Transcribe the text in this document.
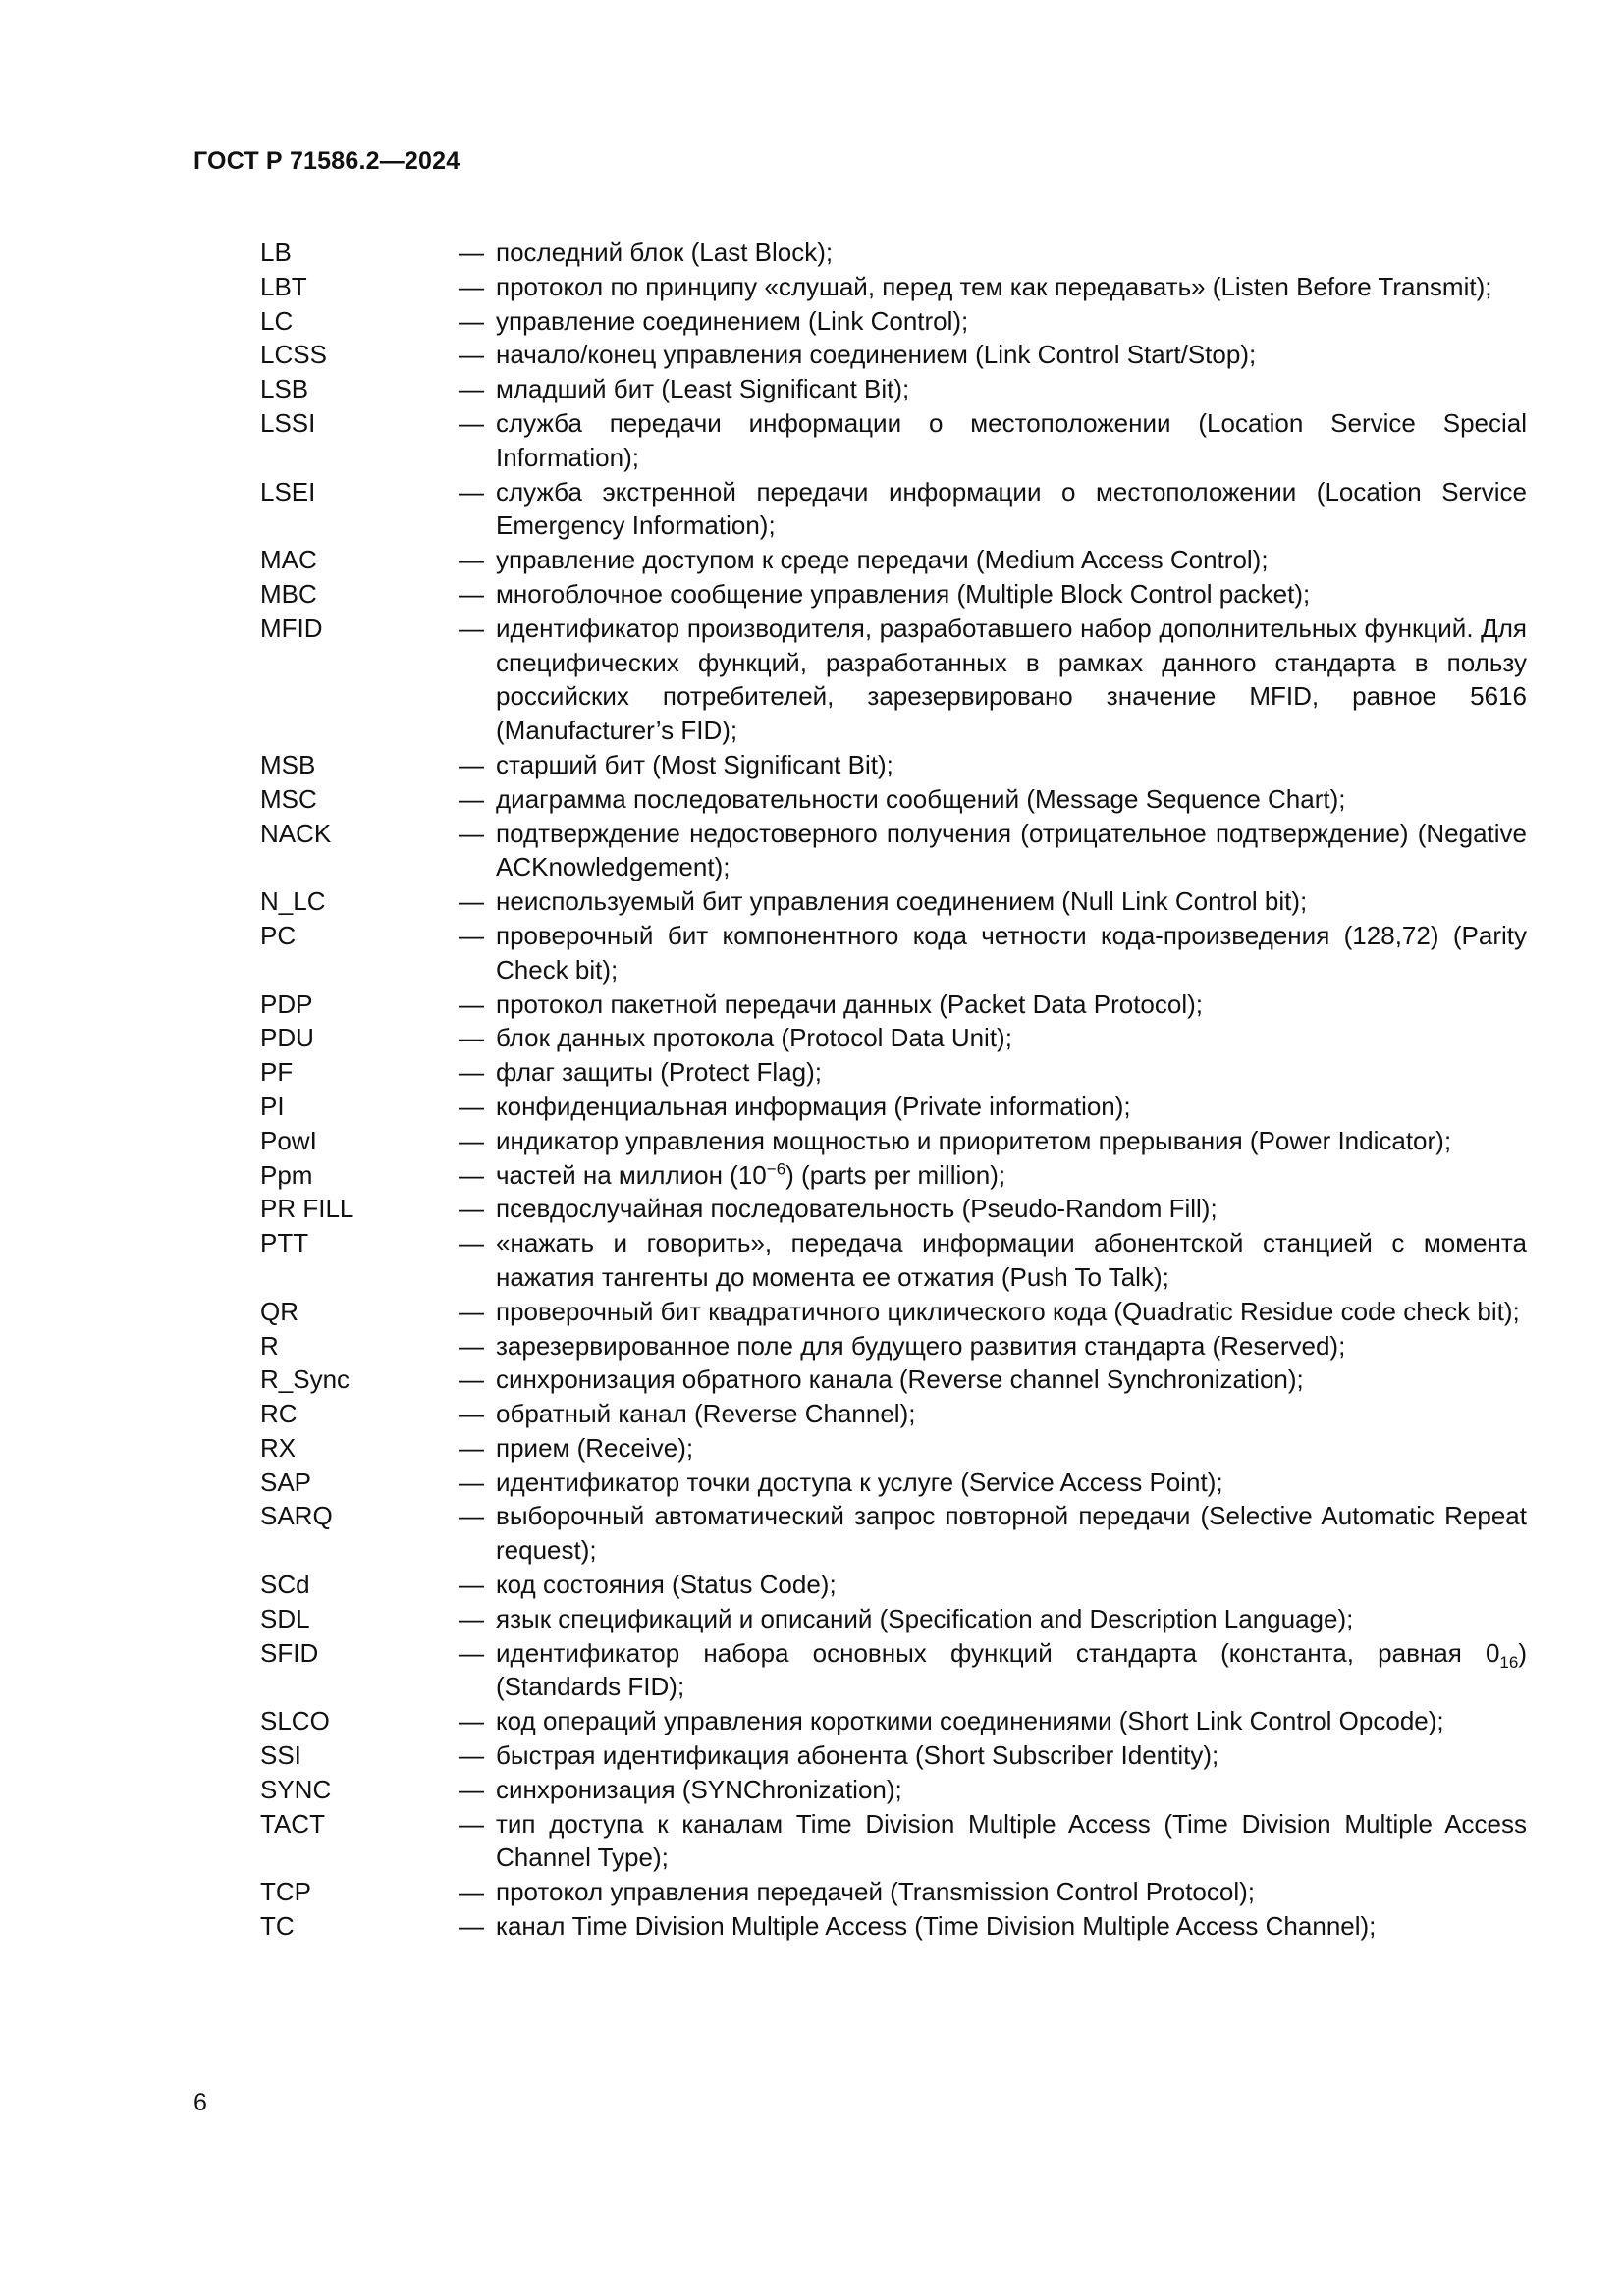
ГОСТ Р 71586.2—2024
LB	— последний блок (Last Block);
LBT	— протокол по принципу «слушай, перед тем как передавать» (Listen Before Transmit);
LC	— управление соединением (Link Control);
LCSS	— начало/конец управления соединением (Link Control Start/Stop);
LSB	— младший бит (Least Significant Bit);
LSSI	— служба передачи информации о местоположении (Location Service Special Information);
LSEI	— служба экстренной передачи информации о местоположении (Location Service Emergency Information);
MAC	— управление доступом к среде передачи (Medium Access Control);
MBC	— многоблочное сообщение управления (Multiple Block Control packet);
MFID	— идентификатор производителя, разработавшего набор дополнительных функций. Для специфических функций, разработанных в рамках данного стандарта в пользу российских потребителей, зарезервировано значение MFID, равное 5616 (Manufacturer’s FID);
MSB	— старший бит (Most Significant Bit);
MSC	— диаграмма последовательности сообщений (Message Sequence Chart);
NACK	— подтверждение недостоверного получения (отрицательное подтверждение) (Negative ACKnowledgement);
N_LC	— неиспользуемый бит управления соединением (Null Link Control bit);
PC	— проверочный бит компонентного кода четности кода-произведения (128,72) (Parity Check bit);
PDP	— протокол пакетной передачи данных (Packet Data Protocol);
PDU	— блок данных протокола (Protocol Data Unit);
PF	— флаг защиты (Protect Flag);
PI	— конфиденциальная информация (Private information);
PowI	— индикатор управления мощностью и приоритетом прерывания (Power Indicator);
Ppm	— частей на миллион $(10^{-6})$ (parts per million);
PR FILL	— псевдослучайная последовательность (Pseudo-Random Fill);
PTT	— «нажать и говорить», передача информации абонентской станцией с момента нажатия тангенты до момента ее отжатия (Push To Talk);
QR	— проверочный бит квадратичного циклического кода (Quadratic Residue code check bit);
R	— зарезервированное поле для будущего развития стандарта (Reserved);
R_Sync	— синхронизация обратного канала (Reverse channel Synchronization);
RC	— обратный канал (Reverse Channel);
RX	— прием (Receive);
SAP	— идентификатор точки доступа к услуге (Service Access Point);
SARQ	— выборочный автоматический запрос повторной передачи (Selective Automatic Repeat request);
SCd	— код состояния (Status Code);
SDL	— язык спецификаций и описаний (Specification and Description Language);
SFID	— идентификатор набора основных функций стандарта (константа, равная $0_{16}$) (Standards FID);
SLCO	— код операций управления короткими соединениями (Short Link Control Opcode);
SSI	— быстрая идентификация абонента (Short Subscriber Identity);
SYNC	— синхронизация (SYNChronization);
TACT	— тип доступа к каналам Time Division Multiple Access (Time Division Multiple Access Channel Type);
TCP	— протокол управления передачей (Transmission Control Protocol);
TC	— канал Time Division Multiple Access (Time Division Multiple Access Channel);
6
